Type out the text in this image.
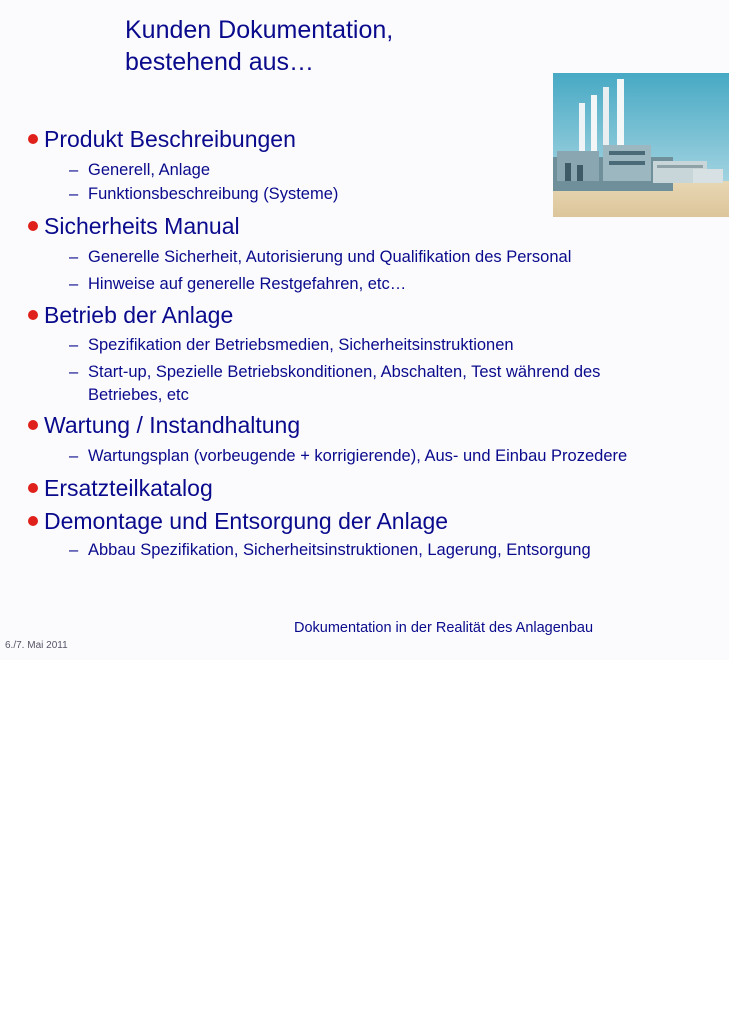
Kunden Dokumentation,
bestehend aus…
Produkt Beschreibungen
– Generell, Anlage
– Funktionsbeschreibung (Systeme)
Sicherheits Manual
– Generelle Sicherheit, Autorisierung und Qualifikation des Personal
– Hinweise auf generelle Restgefahren, etc…
Betrieb der Anlage
– Spezifikation der Betriebsmedien, Sicherheitsinstruktionen
– Start-up, Spezielle Betriebskonditionen, Abschalten, Test während des
Betriebes, etc
Wartung / Instandhaltung
– Wartungsplan (vorbeugende + korrigierende), Aus- und Einbau Prozedere
Ersatzteilkatalog
Demontage und Entsorgung der Anlage
– Abbau Spezifikation, Sicherheitsinstruktionen, Lagerung, Entsorgung
Dokumentation in der Realität des Anlagenbau
6./7. Mai 2011
